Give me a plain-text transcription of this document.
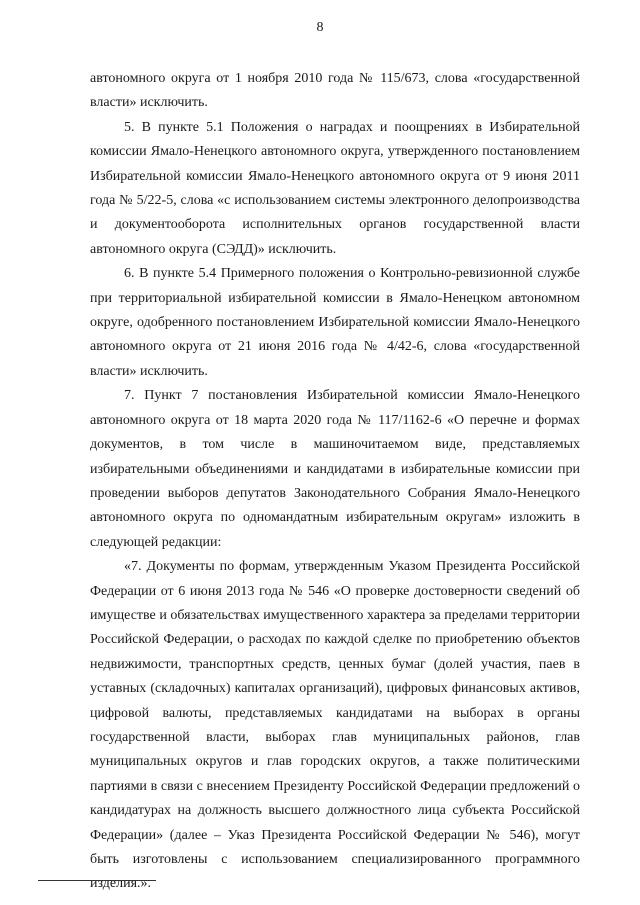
8

автономного округа от 1 ноября 2010 года № 115/673, слова «государственной власти» исключить.

5. В пункте 5.1 Положения о наградах и поощрениях в Избирательной комиссии Ямало-Ненецкого автономного округа, утвержденного постановлением Избирательной комиссии Ямало-Ненецкого автономного округа от 9 июня 2011 года № 5/22-5, слова «с использованием системы электронного делопроизводства и документооборота исполнительных органов государственной власти автономного округа (СЭДД)» исключить.

6. В пункте 5.4 Примерного положения о Контрольно-ревизионной службе при территориальной избирательной комиссии в Ямало-Ненецком автономном округе, одобренного постановлением Избирательной комиссии Ямало-Ненецкого автономного округа от 21 июня 2016 года № 4/42-6, слова «государственной власти» исключить.

7. Пункт 7 постановления Избирательной комиссии Ямало-Ненецкого автономного округа от 18 марта 2020 года № 117/1162-6 «О перечне и формах документов, в том числе в машиночитаемом виде, представляемых избирательными объединениями и кандидатами в избирательные комиссии при проведении выборов депутатов Законодательного Собрания Ямало-Ненецкого автономного округа по одномандатным избирательным округам» изложить в следующей редакции:

«7. Документы по формам, утвержденным Указом Президента Российской Федерации от 6 июня 2013 года № 546 «О проверке достоверности сведений об имуществе и обязательствах имущественного характера за пределами территории Российской Федерации, о расходах по каждой сделке по приобретению объектов недвижимости, транспортных средств, ценных бумаг (долей участия, паев в уставных (складочных) капиталах организаций), цифровых финансовых активов, цифровой валюты, представляемых кандидатами на выборах в органы государственной власти, выборах глав муниципальных районов, глав муниципальных округов и глав городских округов, а также политическими партиями в связи с внесением Президенту Российской Федерации предложений о кандидатурах на должность высшего должностного лица субъекта Российской Федерации» (далее – Указ Президента Российской Федерации № 546), могут быть изготовлены с использованием специализированного программного изделия.».
